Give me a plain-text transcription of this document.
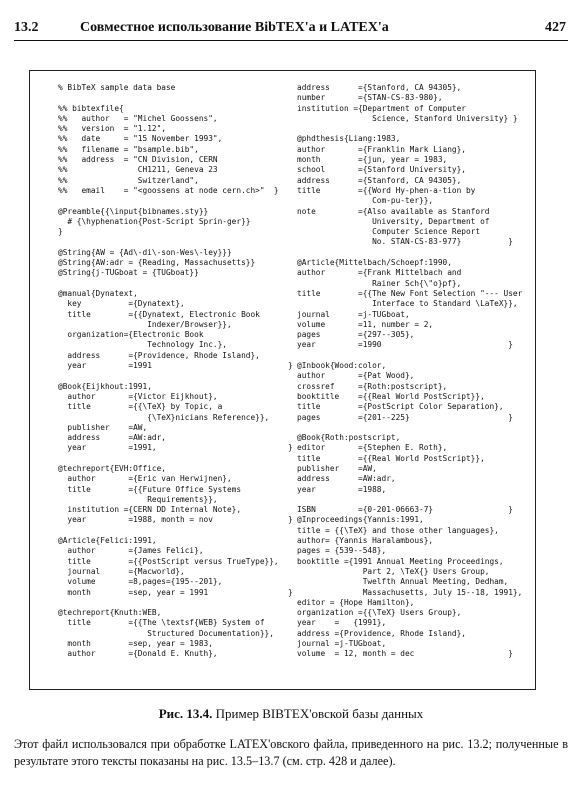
13.2	Совместное использование BibTEX'а и LATEX'а	427
% BibTeX sample data base

%% bibtexfile{
%%   author   = "Michel Goossens",
%%   version  = "1.12",
%%   date     = "15 November 1993",
%%   filename = "bsample.bib",
%%   address  = "CN Division, CERN
%%               CH1211, Geneva 23
%%               Switzerland",
%%   email    = "<goossens at node cern.ch>"  }

@Preamble{{\input{bibnames.sty}}
# {\hyphenation{Post-Script Sprin-ger}}
}

@String{AW = {Ad\-di\-son-Wes\-ley}}}
@String{AW:adr = {Reading, Massachusetts}}
@String{j-TUGboat = {TUGboat}}

@manual{Dynatext,
key          ={Dynatext},
title        ={{Dynatext, Electronic Book
Indexer/Browser}},
organization={Electronic Book
Technology Inc.},
address      ={Providence, Rhode Island},
year         =1991                             }

@Book{Eijkhout:1991,
author       ={Victor Eijkhout},
title        ={{\TeX} by Topic, a
{\TeX}nicians Reference}},
publisher    =AW,
address      =AW:adr,
year         =1991,                            }

@techreport{EVH:Office,
author       ={Eric van Herwijnen},
title        ={{Future Office Systems
Requirements}},
institution ={CERN DD Internal Note},
year         =1988, month = nov                }

@Article{Felici:1991,
author       ={James Felici},
title        ={{PostScript versus TrueType}},
journal      ={Macworld},
volume       =8,pages={195--201},
month        =sep, year = 1991                 }

@techreport{Knuth:WEB,
title        ={{The \textsf{WEB} System of
Structured Documentation}},
month        =sep, year = 1983,
author       ={Donald E. Knuth},
address      ={Stanford, CA 94305},
number       ={STAN-CS-83-980},
institution ={Department of Computer
Science, Stanford University} }

@phdthesis{Liang:1983,
author       ={Franklin Mark Liang},
month        ={jun, year = 1983,
school       ={Stanford University},
address      ={Stanford, CA 94305},
title        ={{Word Hy-phen-a-tion by
Com-pu-ter}},
note         ={Also available as Stanford
University, Department of
Computer Science Report
No. STAN-CS-83-977}          }

@Article{Mittelbach/Schoepf:1990,
author       ={Frank Mittelbach and
Rainer Sch{\"o}pf},
title        ={{The New Font Selection "--- User
Interface to Standard \LaTeX}},
journal      =j-TUGboat,
volume       =11, number = 2,
pages        ={297--305},
year         =1990                           }

@Inbook{Wood:color,
author       ={Pat Wood},
crossref     ={Roth:postscript},
booktitle    ={{Real World PostScript}},
title        ={PostScript Color Separation},
pages        ={201--225}                     }

@Book{Roth:postscript,
editor       ={Stephen E. Roth},
title        ={{Real World PostScript}},
publisher    =AW,
address      =AW:adr,
year         =1988,

ISBN         ={0-201-06663-7}                }
@Inproceedings{Yannis:1991,
title = {{\TeX} and those other languages},
author= {Yannis Haralambous},
pages = {539--548},
booktitle ={1991 Annual Meeting Proceedings,
Part 2, \TeX{} Users Group,
Twelfth Annual Meeting, Dedham,
Massachusetts, July 15--18, 1991},
editor = {Hope Hamilton},
organization ={{\TeX} Users Group},
year    =   {1991},
address ={Providence, Rhode Island},
journal =j-TUGboat,
volume  = 12, month = dec                    }
Рис. 13.4. Пример BIBTEX'овской базы данных

Этот файл использовался при обработке LATEX'овского файла, приведенного на рис. 13.2; полученные в результате этого тексты показаны на рис. 13.5–13.7 (см. стр. 428 и далее).
